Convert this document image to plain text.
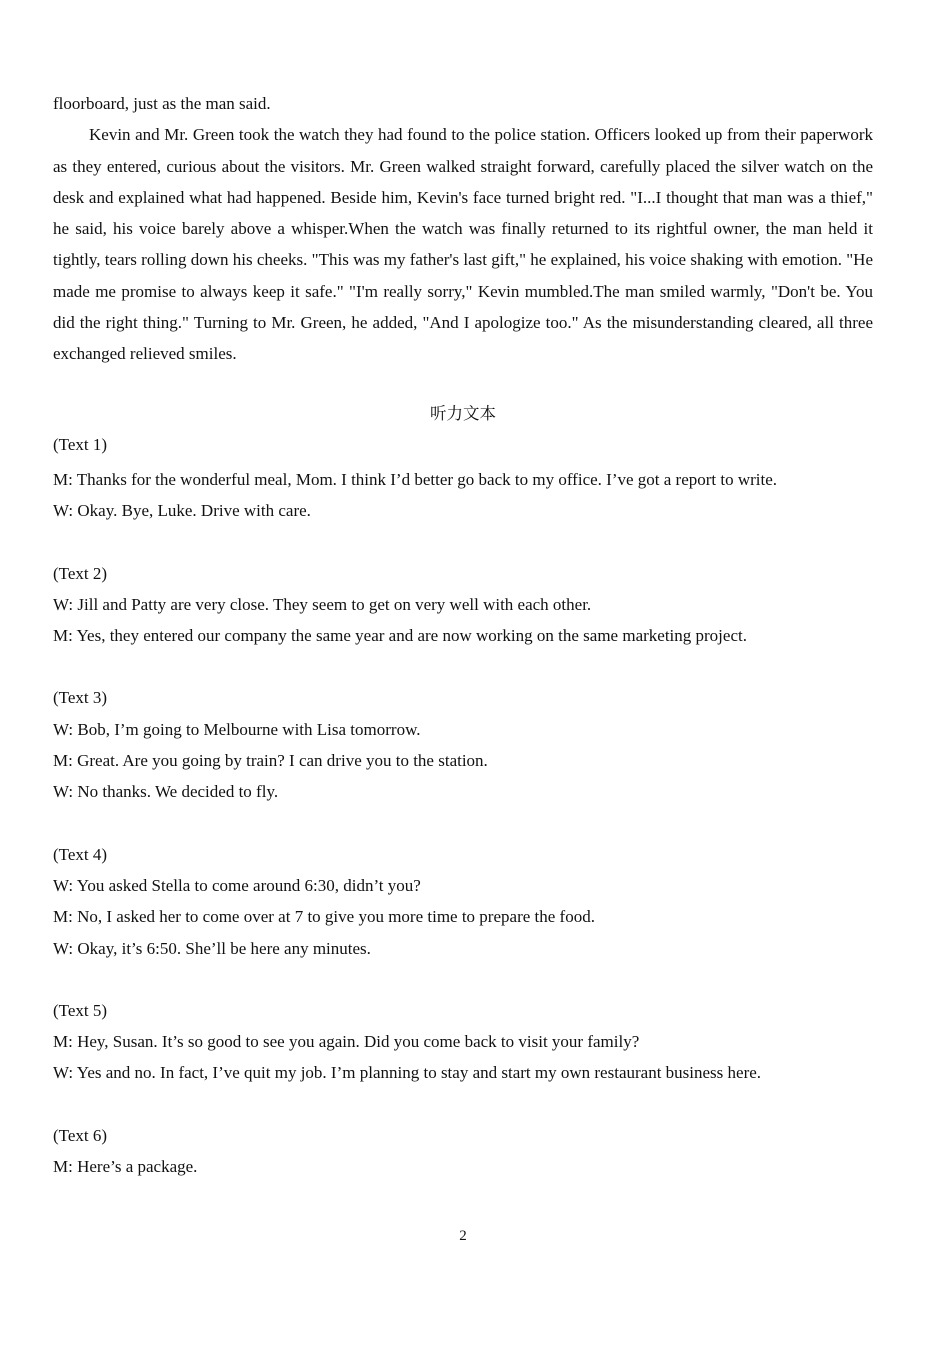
floorboard, just as the man said.

Kevin and Mr. Green took the watch they had found to the police station. Officers looked up from their paperwork as they entered, curious about the visitors. Mr. Green walked straight forward, carefully placed the silver watch on the desk and explained what had happened. Beside him, Kevin's face turned bright red. "I...I thought that man was a thief," he said, his voice barely above a whisper.When the watch was finally returned to its rightful owner, the man held it tightly, tears rolling down his cheeks. "This was my father's last gift," he explained, his voice shaking with emotion. "He made me promise to always keep it safe." "I'm really sorry," Kevin mumbled.The man smiled warmly, "Don't be. You did the right thing." Turning to Mr. Green, he added, "And I apologize too." As the misunderstanding cleared, all three exchanged relieved smiles.

听力文本

(Text 1)

M: Thanks for the wonderful meal, Mom. I think I’d better go back to my office. I’ve got a report to write.

W: Okay. Bye, Luke. Drive with care.

(Text 2)

W: Jill and Patty are very close. They seem to get on very well with each other.

M: Yes, they entered our company the same year and are now working on the same marketing project.

(Text 3)

W: Bob, I’m going to Melbourne with Lisa tomorrow.

M: Great. Are you going by train? I can drive you to the station.

W: No thanks. We decided to fly.

(Text 4)

W: You asked Stella to come around 6:30, didn’t you?

M: No, I asked her to come over at 7 to give you more time to prepare the food.

W: Okay, it’s 6:50. She’ll be here any minutes.

(Text 5)

M: Hey, Susan. It’s so good to see you again. Did you come back to visit your family?

W: Yes and no. In fact, I’ve quit my job. I’m planning to stay and start my own restaurant business here.

(Text 6)

M: Here’s a package.

2
